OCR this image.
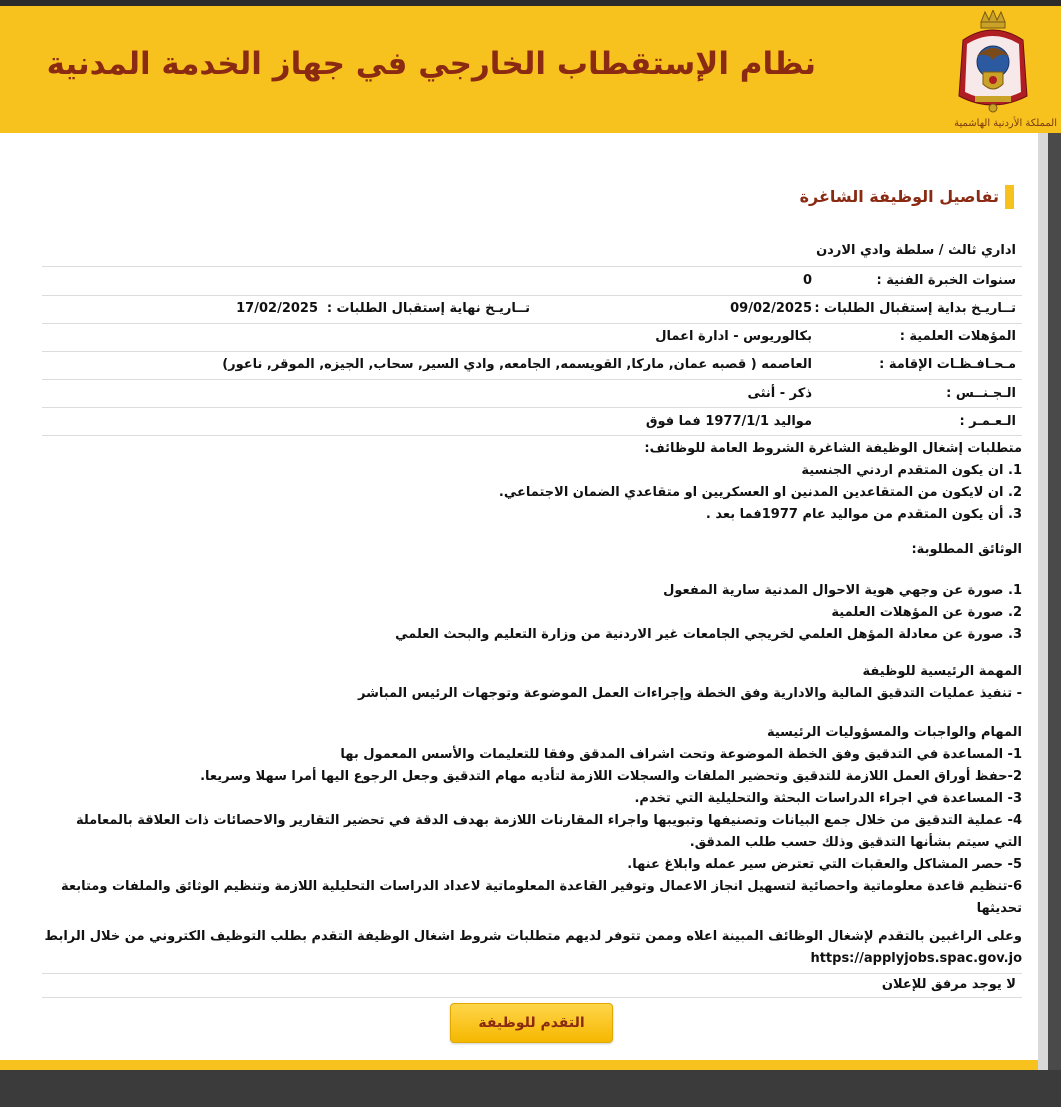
نظام الإستقطاب الخارجي في جهاز الخدمة المدنية
المملكة الأردنية الهاشمية
تفاصيل الوظيفة الشاغرة
اداري ثالث / سلطة وادي الاردن
سنوات الخبرة الفنية :
0
تــاريـخ بداية إستقبال الطلبات :
09/02/2025
تــاريـخ نهاية إستقبال الطلبات :
17/02/2025
المؤهلات العلمية :
بكالوريوس - ادارة اعمال
مـحـافـظـات الإقامة :
العاصمه ( قصبه عمان, ماركا, القويسمه, الجامعه, وادي السير, سحاب, الجيزه, الموقر, ناعور)
الـجـنــس :
ذكر - أنثى
الـعـمـر :
مواليد 1977/1/1 فما فوق

متطلبات إشغال الوظيفة الشاغرة الشروط العامة للوظائف:

1. ان يكون المتقدم اردني الجنسية

2. ان لايكون من المتقاعدين المدنين او العسكريين او متقاعدي الضمان الاجتماعي.

3. أن يكون المتقدم من مواليد عام 1977فما بعد .

الوثائق المطلوبة:

1. صورة عن وجهي هوية الاحوال المدنية سارية المفعول

2. صورة عن المؤهلات العلمية

3. صورة عن معادلة المؤهل العلمي لخريجي الجامعات غير الاردنية من وزارة التعليم والبحث العلمي

المهمة الرئيسية للوظيفة

- تنفيذ عمليات التدقيق المالية والادارية وفق الخطة وإجراءات العمل الموضوعة وتوجهات الرئيس المباشر

المهام والواجبات والمسؤوليات الرئيسية

1- المساعدة في التدقيق وفق الخطة الموضوعة وتحت اشراف المدقق وفقا للتعليمات والأسس المعمول بها

2-حفظ أوراق العمل اللازمة للتدقيق وتحضير الملفات والسجلات اللازمة لتأديه مهام التدقيق وجعل الرجوع اليها أمرا سهلا وسريعا.

3- المساعدة في اجراء الدراسات البحثة والتحليلية التي تخدم.

4- عملية التدقيق من خلال جمع البيانات وتصنيفها وتبويبها واجراء المقارنات اللازمة بهدف الدقة في تحضير التقارير والاحصائات ذات العلاقة بالمعاملة التي سيتم بشأنها التدقيق وذلك حسب طلب المدقق.

5- حصر المشاكل والعقبات التي تعترض سير عمله وابلاغ عنها.

6-تنظيم قاعدة معلوماتية واحصائية لتسهيل انجاز الاعمال وتوفير القاعدة المعلوماتية لاعداد الدراسات التحليلية اللازمة وتنظيم الوثائق والملفات ومتابعة تحديثها

وعلى الراغبين بالتقدم لإشغال الوظائف المبينة اعلاه وممن تتوفر لديهم متطلبات شروط اشغال الوظيفة التقدم بطلب التوظيف الكتروني من خلال الرابط

https://applyjobs.spac.gov.jo

لا يوجد مرفق للإعلان
التقدم للوظيفة
